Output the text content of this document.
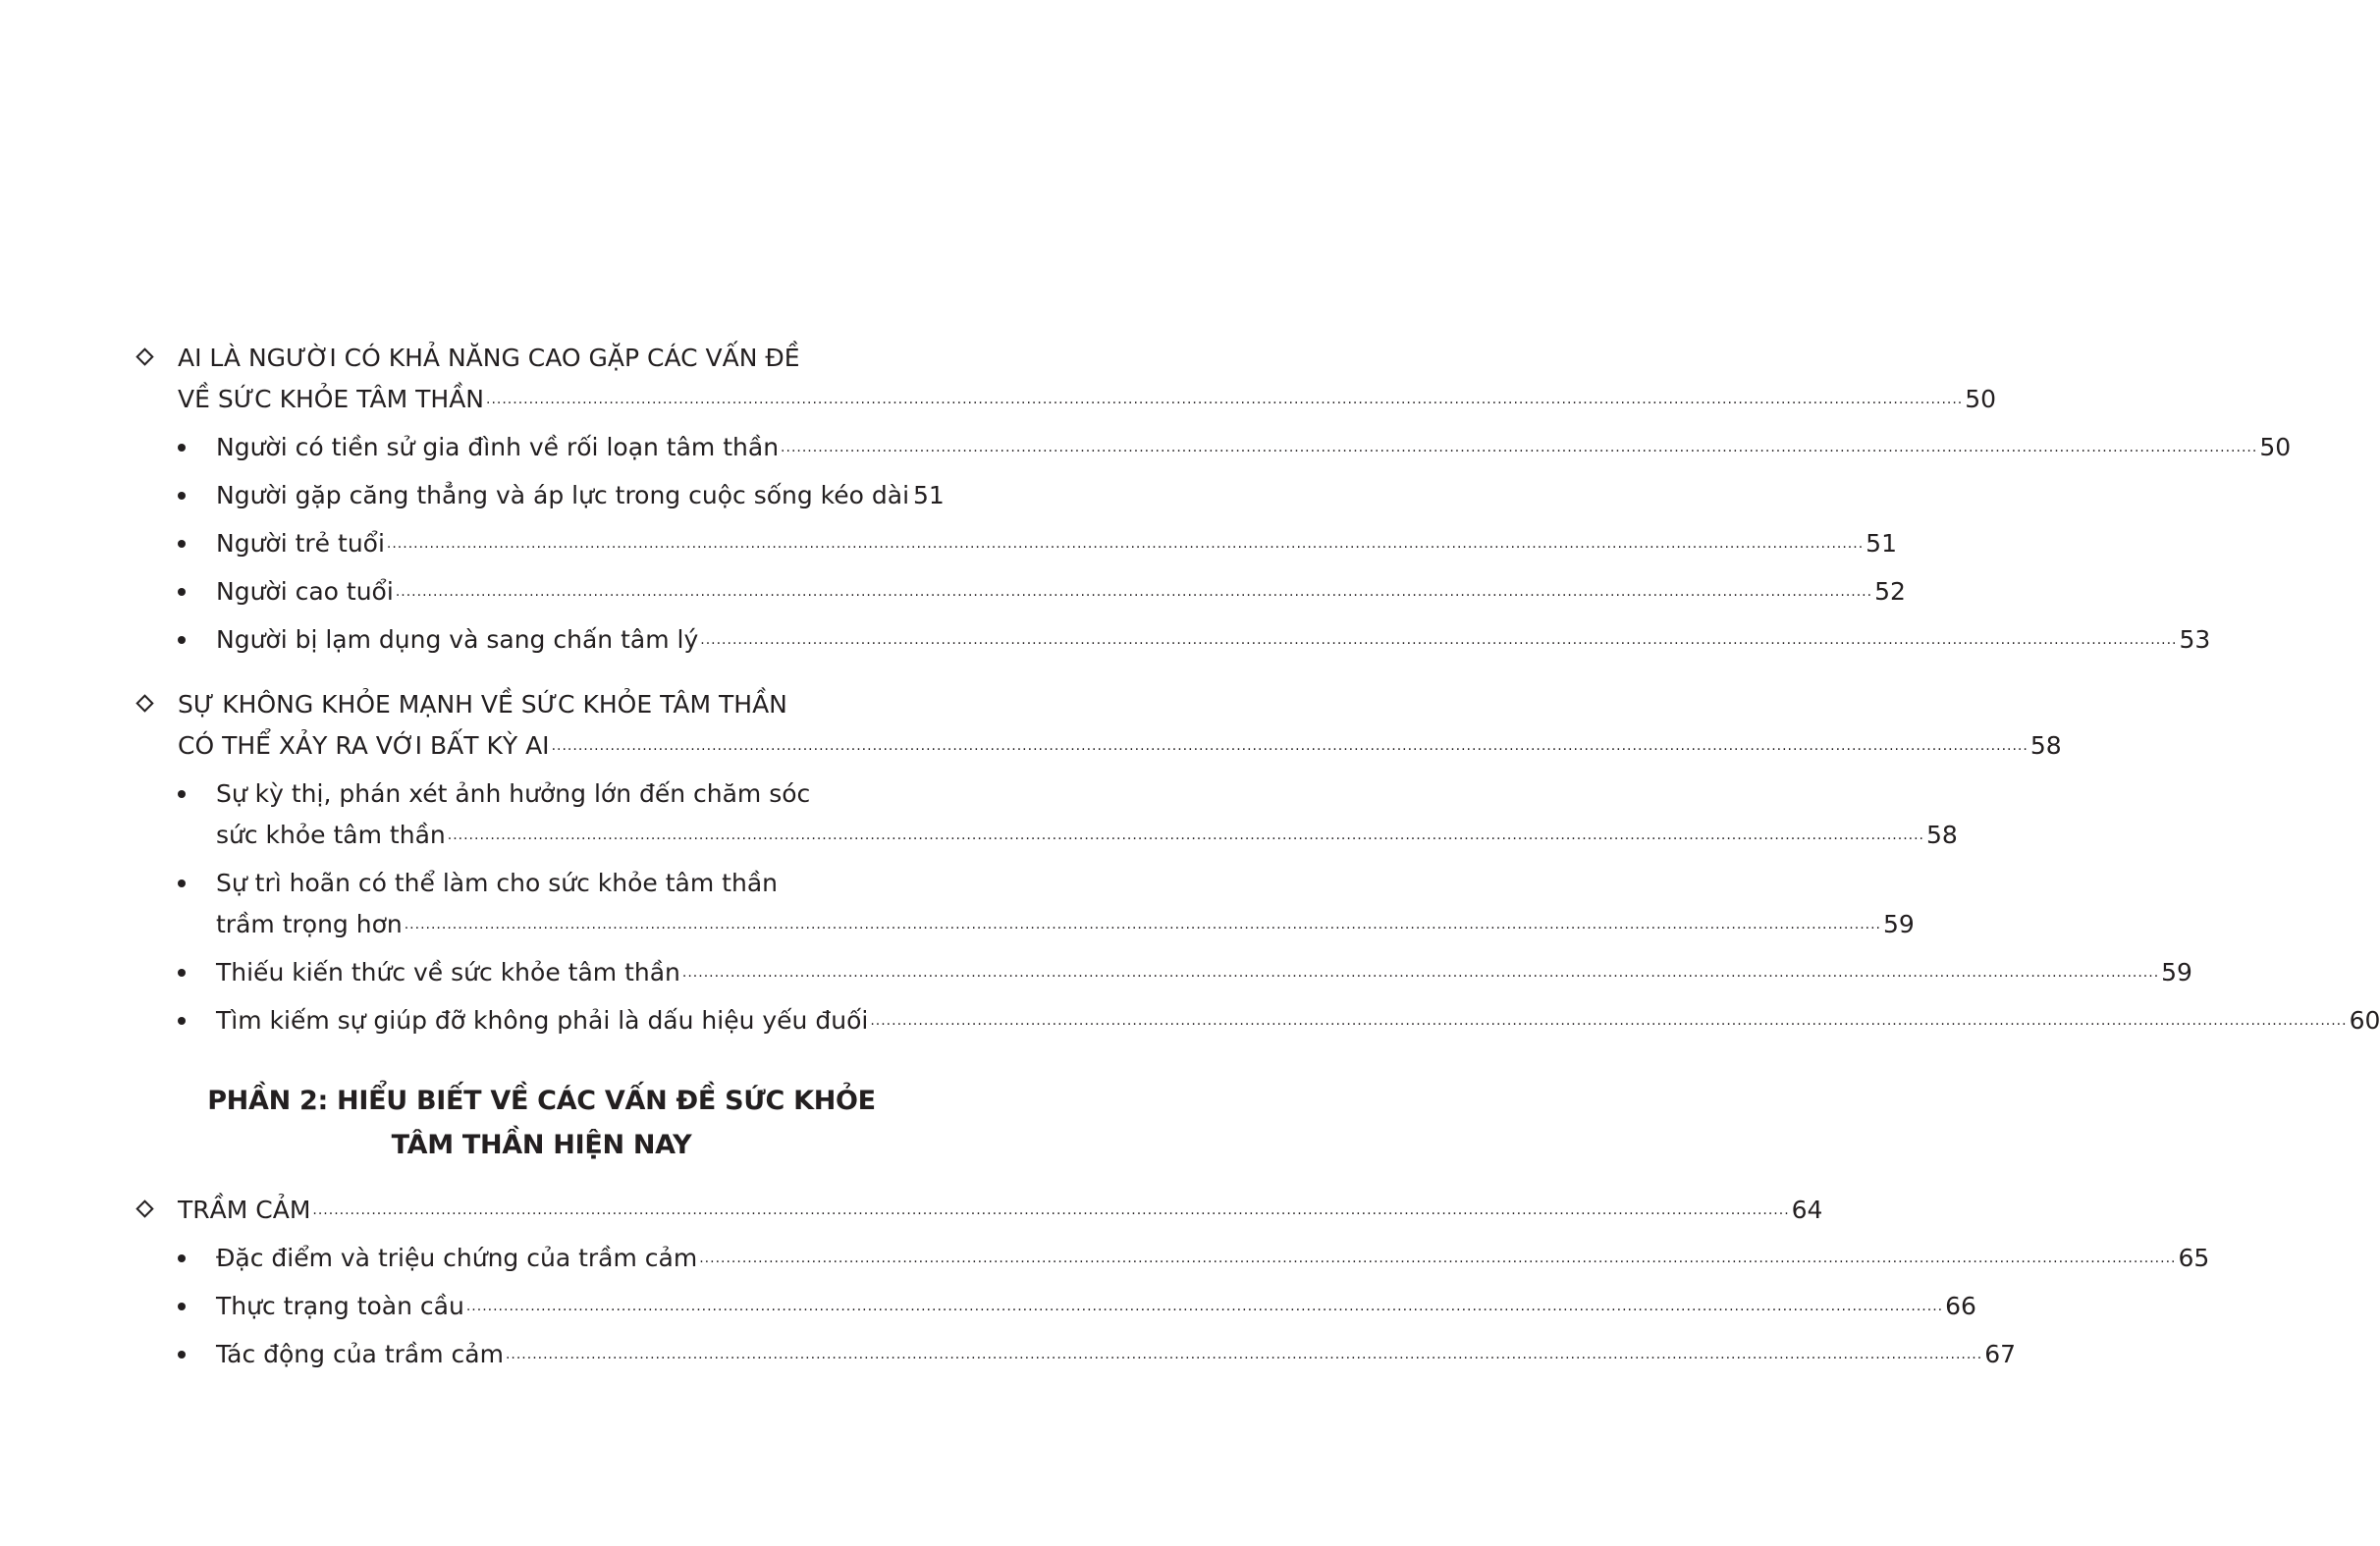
AI LÀ NGƯỜI CÓ KHẢ NĂNG CAO GẶP CÁC VẤN ĐỀ
VỀ SỨC KHỎE TÂM THẦN .................................................................................................................................................................................................................................................................................... 50
Người có tiền sử gia đình về rối loạn tâm thần .................................................................................................................................................................................................................................................................................... 50
Người gặp căng thẳng và áp lực trong cuộc sống kéo dài 51
Người trẻ tuổi .................................................................................................................................................................................................................................................................................... 51
Người cao tuổi .................................................................................................................................................................................................................................................................................... 52
Người bị lạm dụng và sang chấn tâm lý .................................................................................................................................................................................................................................................................................... 53
SỰ KHÔNG KHỎE MẠNH VỀ SỨC KHỎE TÂM THẦN
CÓ THỂ XẢY RA VỚI BẤT KỲ AI .................................................................................................................................................................................................................................................................................... 58
Sự kỳ thị, phán xét ảnh hưởng lớn đến chăm sóc
sức khỏe tâm thần .................................................................................................................................................................................................................................................................................... 58
Sự trì hoãn có thể làm cho sức khỏe tâm thần
trầm trọng hơn .................................................................................................................................................................................................................................................................................... 59
Thiếu kiến thức về sức khỏe tâm thần .................................................................................................................................................................................................................................................................................... 59
Tìm kiếm sự giúp đỡ không phải là dấu hiệu yếu đuối .................................................................................................................................................................................................................................................................................... 60
PHẦN 2: HIỂU BIẾT VỀ CÁC VẤN ĐỀ SỨC KHỎE
TÂM THẦN HIỆN NAY
TRẦM CẢM .................................................................................................................................................................................................................................................................................... 64
Đặc điểm và triệu chứng của trầm cảm .................................................................................................................................................................................................................................................................................... 65
Thực trạng toàn cầu .................................................................................................................................................................................................................................................................................... 66
Tác động của trầm cảm .................................................................................................................................................................................................................................................................................... 67
